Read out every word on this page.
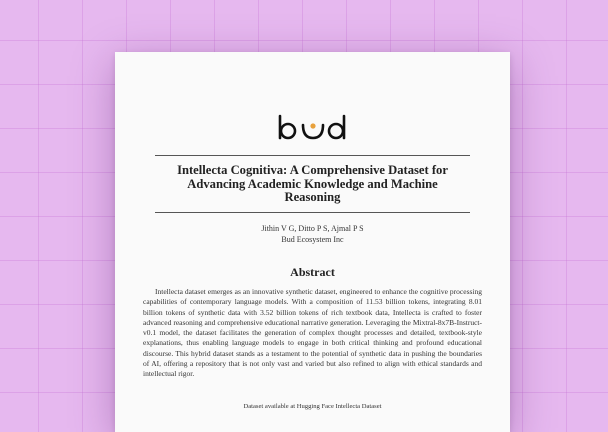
Intellecta Cognitiva: A Comprehensive Dataset for
Advancing Academic Knowledge and Machine
Reasoning
Jithin V G, Ditto P S, Ajmal P S
Bud Ecosystem Inc
Abstract
Intellecta dataset emerges as an innovative synthetic dataset, engineered to enhance the cognitive processing capabilities of contemporary language models. With a composition of 11.53 billion tokens, integrating 8.01 billion tokens of synthetic data with 3.52 billion tokens of rich textbook data, Intellecta is crafted to foster advanced reasoning and comprehensive educational narrative generation. Leveraging the Mixtral-8x7B-Instruct-v0.1 model, the dataset facilitates the generation of complex thought processes and detailed, textbook-style explanations, thus enabling language models to engage in both critical thinking and profound educational discourse. This hybrid dataset stands as a testament to the potential of synthetic data in pushing the boundaries of AI, offering a repository that is not only vast and varied but also refined to align with ethical standards and intellectual rigor.
Dataset available at Hugging Face Intellecta Dataset
